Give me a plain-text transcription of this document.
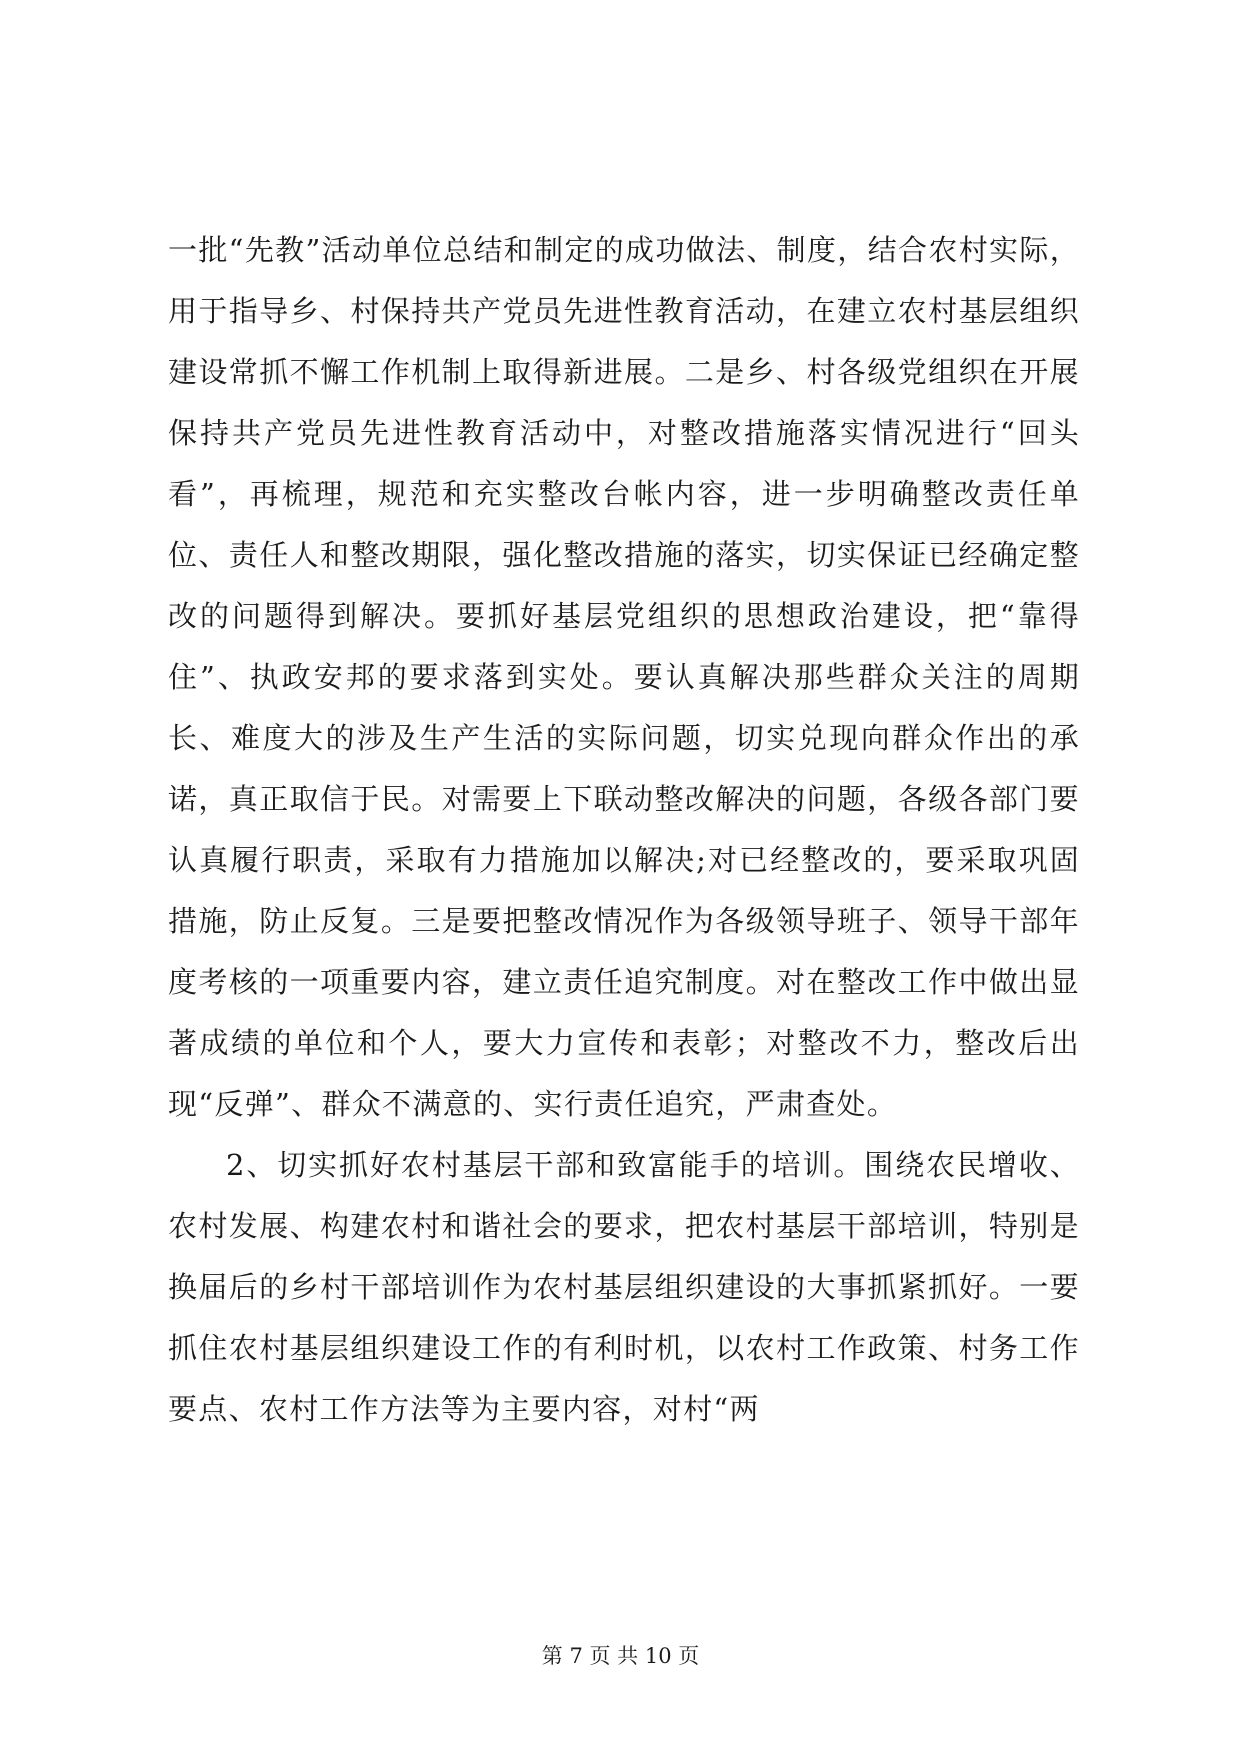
一批“先教”活动单位总结和制定的成功做法、制度，结合农村实际，用于指导乡、村保持共产党员先进性教育活动，在建立农村基层组织建设常抓不懈工作机制上取得新进展。二是乡、村各级党组织在开展保持共产党员先进性教育活动中，对整改措施落实情况进行“回头看”，再梳理，规范和充实整改台帐内容，进一步明确整改责任单位、责任人和整改期限，强化整改措施的落实，切实保证已经确定整改的问题得到解决。要抓好基层党组织的思想政治建设，把“靠得住”、执政安邦的要求落到实处。要认真解决那些群众关注的周期长、难度大的涉及生产生活的实际问题，切实兑现向群众作出的承诺，真正取信于民。对需要上下联动整改解决的问题，各级各部门要认真履行职责，采取有力措施加以解决;对已经整改的，要采取巩固措施，防止反复。三是要把整改情况作为各级领导班子、领导干部年度考核的一项重要内容，建立责任追究制度。对在整改工作中做出显著成绩的单位和个人，要大力宣传和表彰；对整改不力，整改后出现“反弹”、群众不满意的、实行责任追究，严肃查处。

2、切实抓好农村基层干部和致富能手的培训。围绕农民增收、农村发展、构建农村和谐社会的要求，把农村基层干部培训，特别是换届后的乡村干部培训作为农村基层组织建设的大事抓紧抓好。一要抓住农村基层组织建设工作的有利时机，以农村工作政策、村务工作要点、农村工作方法等为主要内容，对村“两

第 7 页 共 10 页
